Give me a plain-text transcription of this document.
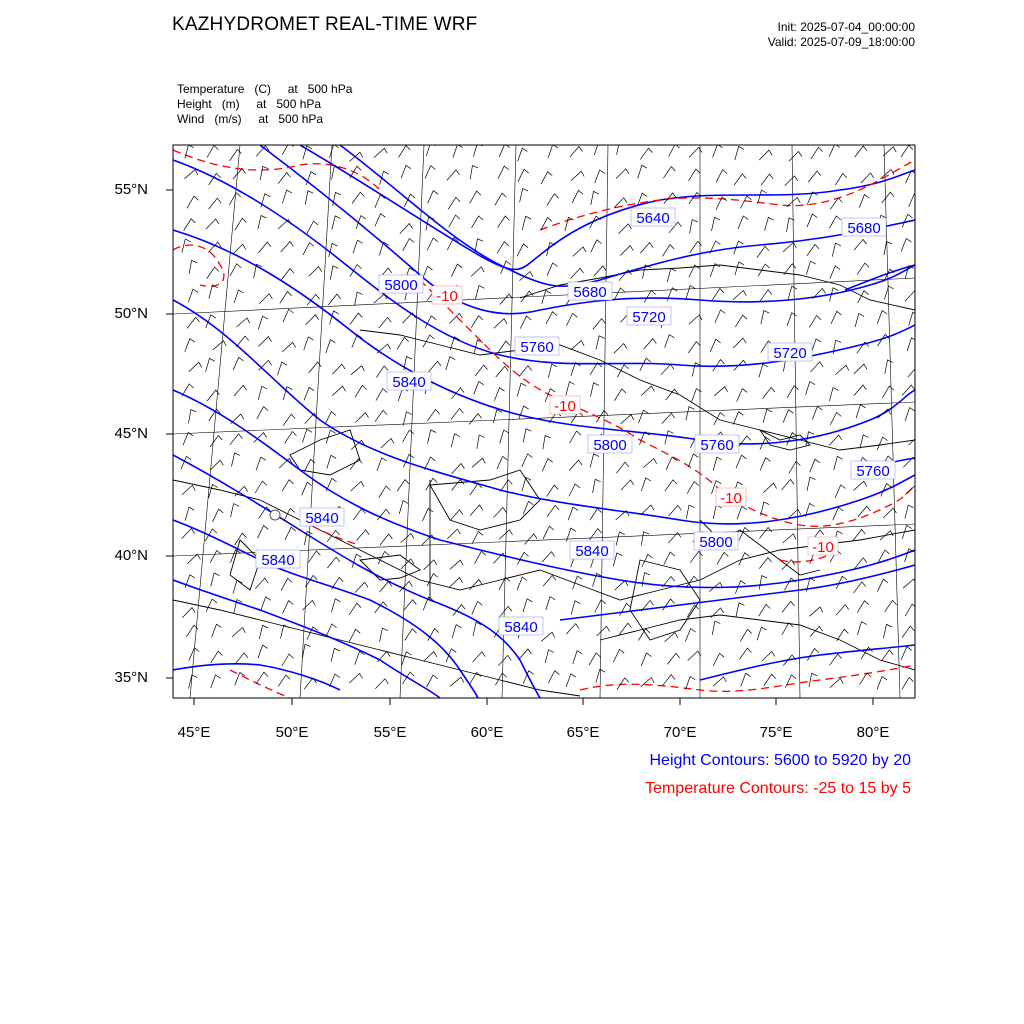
KAZHYDROMET REAL-TIME WRF	Init: 2025-07-04_00:00:00
Valid: 2025-07-09_18:00:00
Temperature   (C)     at   500 hPa
Height   (m)     at   500 hPa
Wind   (m/s)     at   500 hPa
5640
5680
5800	5680
5720
5720
5760
5840
5800	5760
5760
5840
5840
5840
5800
5840
-10
-10
-10
-10
55°N
50°N
45°N
40°N
35°N
45°E	50°E	55°E	60°E	65°E	70°E	75°E	80°E
Height Contours: 5600 to 5920 by 20
Temperature Contours: -25 to 15 by 5
